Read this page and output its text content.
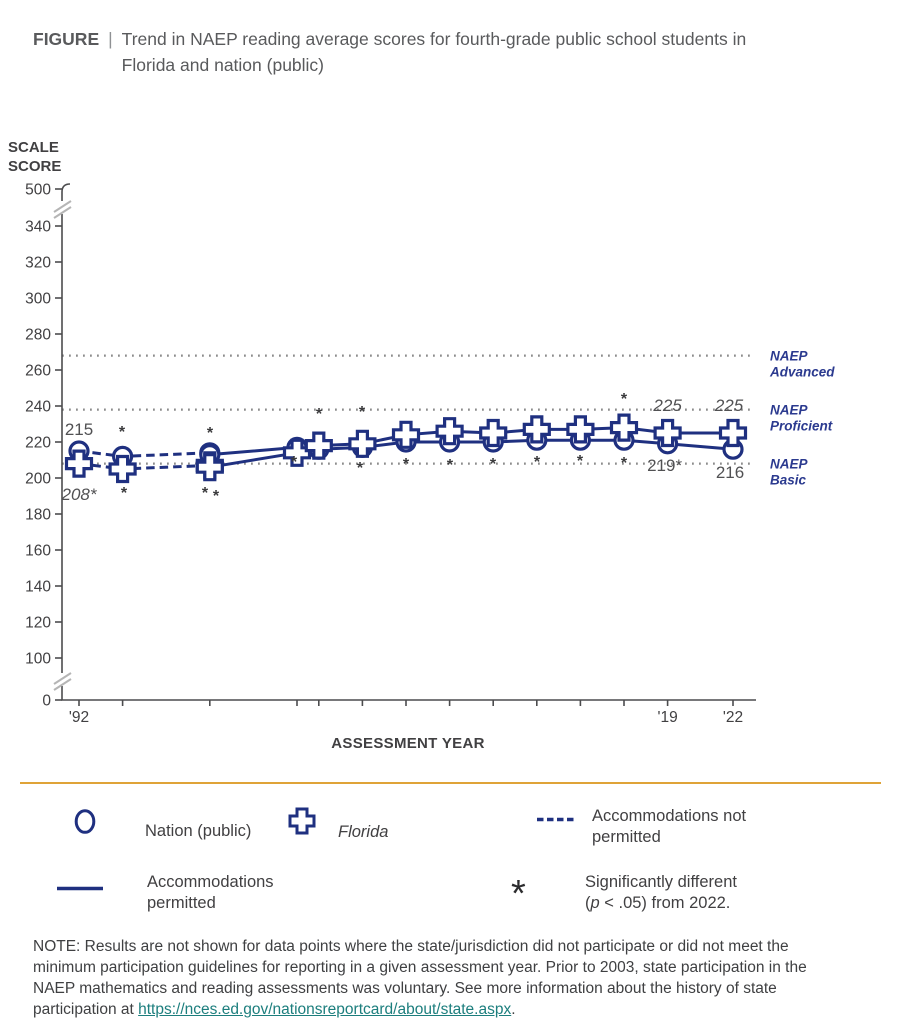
FIGURE | Trend in NAEP reading average scores for fourth-grade public school students in Florida and nation (public)
NAEP Advanced
NAEP Proficient
NAEP Basic
500
340
320
300
280
260
240
220
200
180
160
140
120
100
0
'92	'19	'22
SCALE
SCORE
ASSESSMENT YEAR
*	*
* *
*
*	* *
*	* * * * * * *
215
208*
225 225
219* 216
Nation (public)	Florida
Accommodations not permitted
Accommodations permitted	*	Significantly different
(p < .05) from 2022.

NOTE: Results are not shown for data points where the state/jurisdiction did not participate or did not meet the minimum participation guidelines for reporting in a given assessment year. Prior to 2003, state participation in the NAEP mathematics and reading assessments was voluntary. See more information about the history of state participation at https://nces.ed.gov/nationsreportcard/about/state.aspx.
